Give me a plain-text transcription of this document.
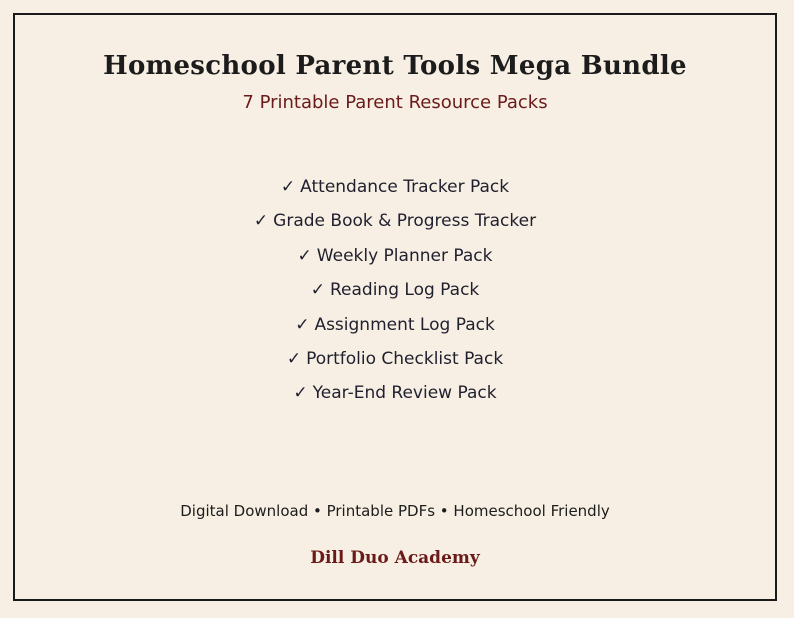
Homeschool Parent Tools Mega Bundle
7 Printable Parent Resource Packs
✓ Attendance Tracker Pack
✓ Grade Book & Progress Tracker
✓ Weekly Planner Pack
✓ Reading Log Pack
✓ Assignment Log Pack
✓ Portfolio Checklist Pack
✓ Year-End Review Pack
Digital Download • Printable PDFs • Homeschool Friendly
Dill Duo Academy
